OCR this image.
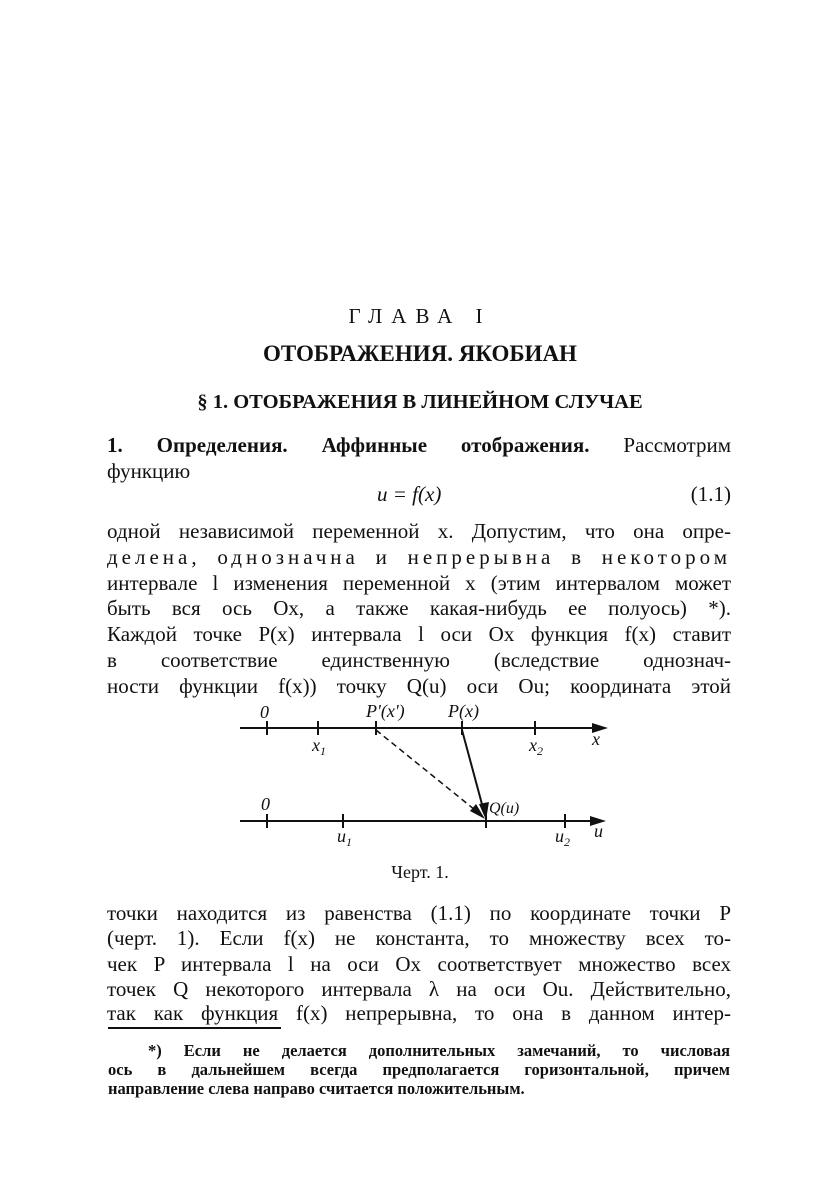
ГЛАВА I
ОТОБРАЖЕНИЯ. ЯКОБИАН
§ 1. ОТОБРАЖЕНИЯ В ЛИНЕЙНОМ СЛУЧАЕ
1. Определения. Аффинные отображения. Рассмотрим
функцию
u = f(x)	(1.1)
одной независимой переменной x. Допустим, что она опре-
делена, однозначна и непрерывна в некотором
интервале l изменения переменной x (этим интервалом может
быть вся ось Ox, а также какая-нибудь ее полуось) *).
Каждой точке P(x) интервала l оси Ox функция f(x) ставит
в соответствие единственную (вследствие однознач-
ности функции f(x)) точку Q(u) оси Ou; координата этой
0	P'(x') P(x)
x
$x_1$	$x_2$
0	Q(u)
u
$u_1$	$u_2$
Черт. 1.
точки находится из равенства (1.1) по координате точки P
(черт. 1). Если f(x) не константа, то множеству всех то-
чек P интервала l на оси Ox соответствует множество всех
точек Q некоторого интервала λ на оси Ou. Действительно,
так как функция f(x) непрерывна, то она в данном интер-
*) Если не делается дополнительных замечаний, то числовая
ось в дальнейшем всегда предполагается горизонтальной, причем
направление слева направо считается положительным.
